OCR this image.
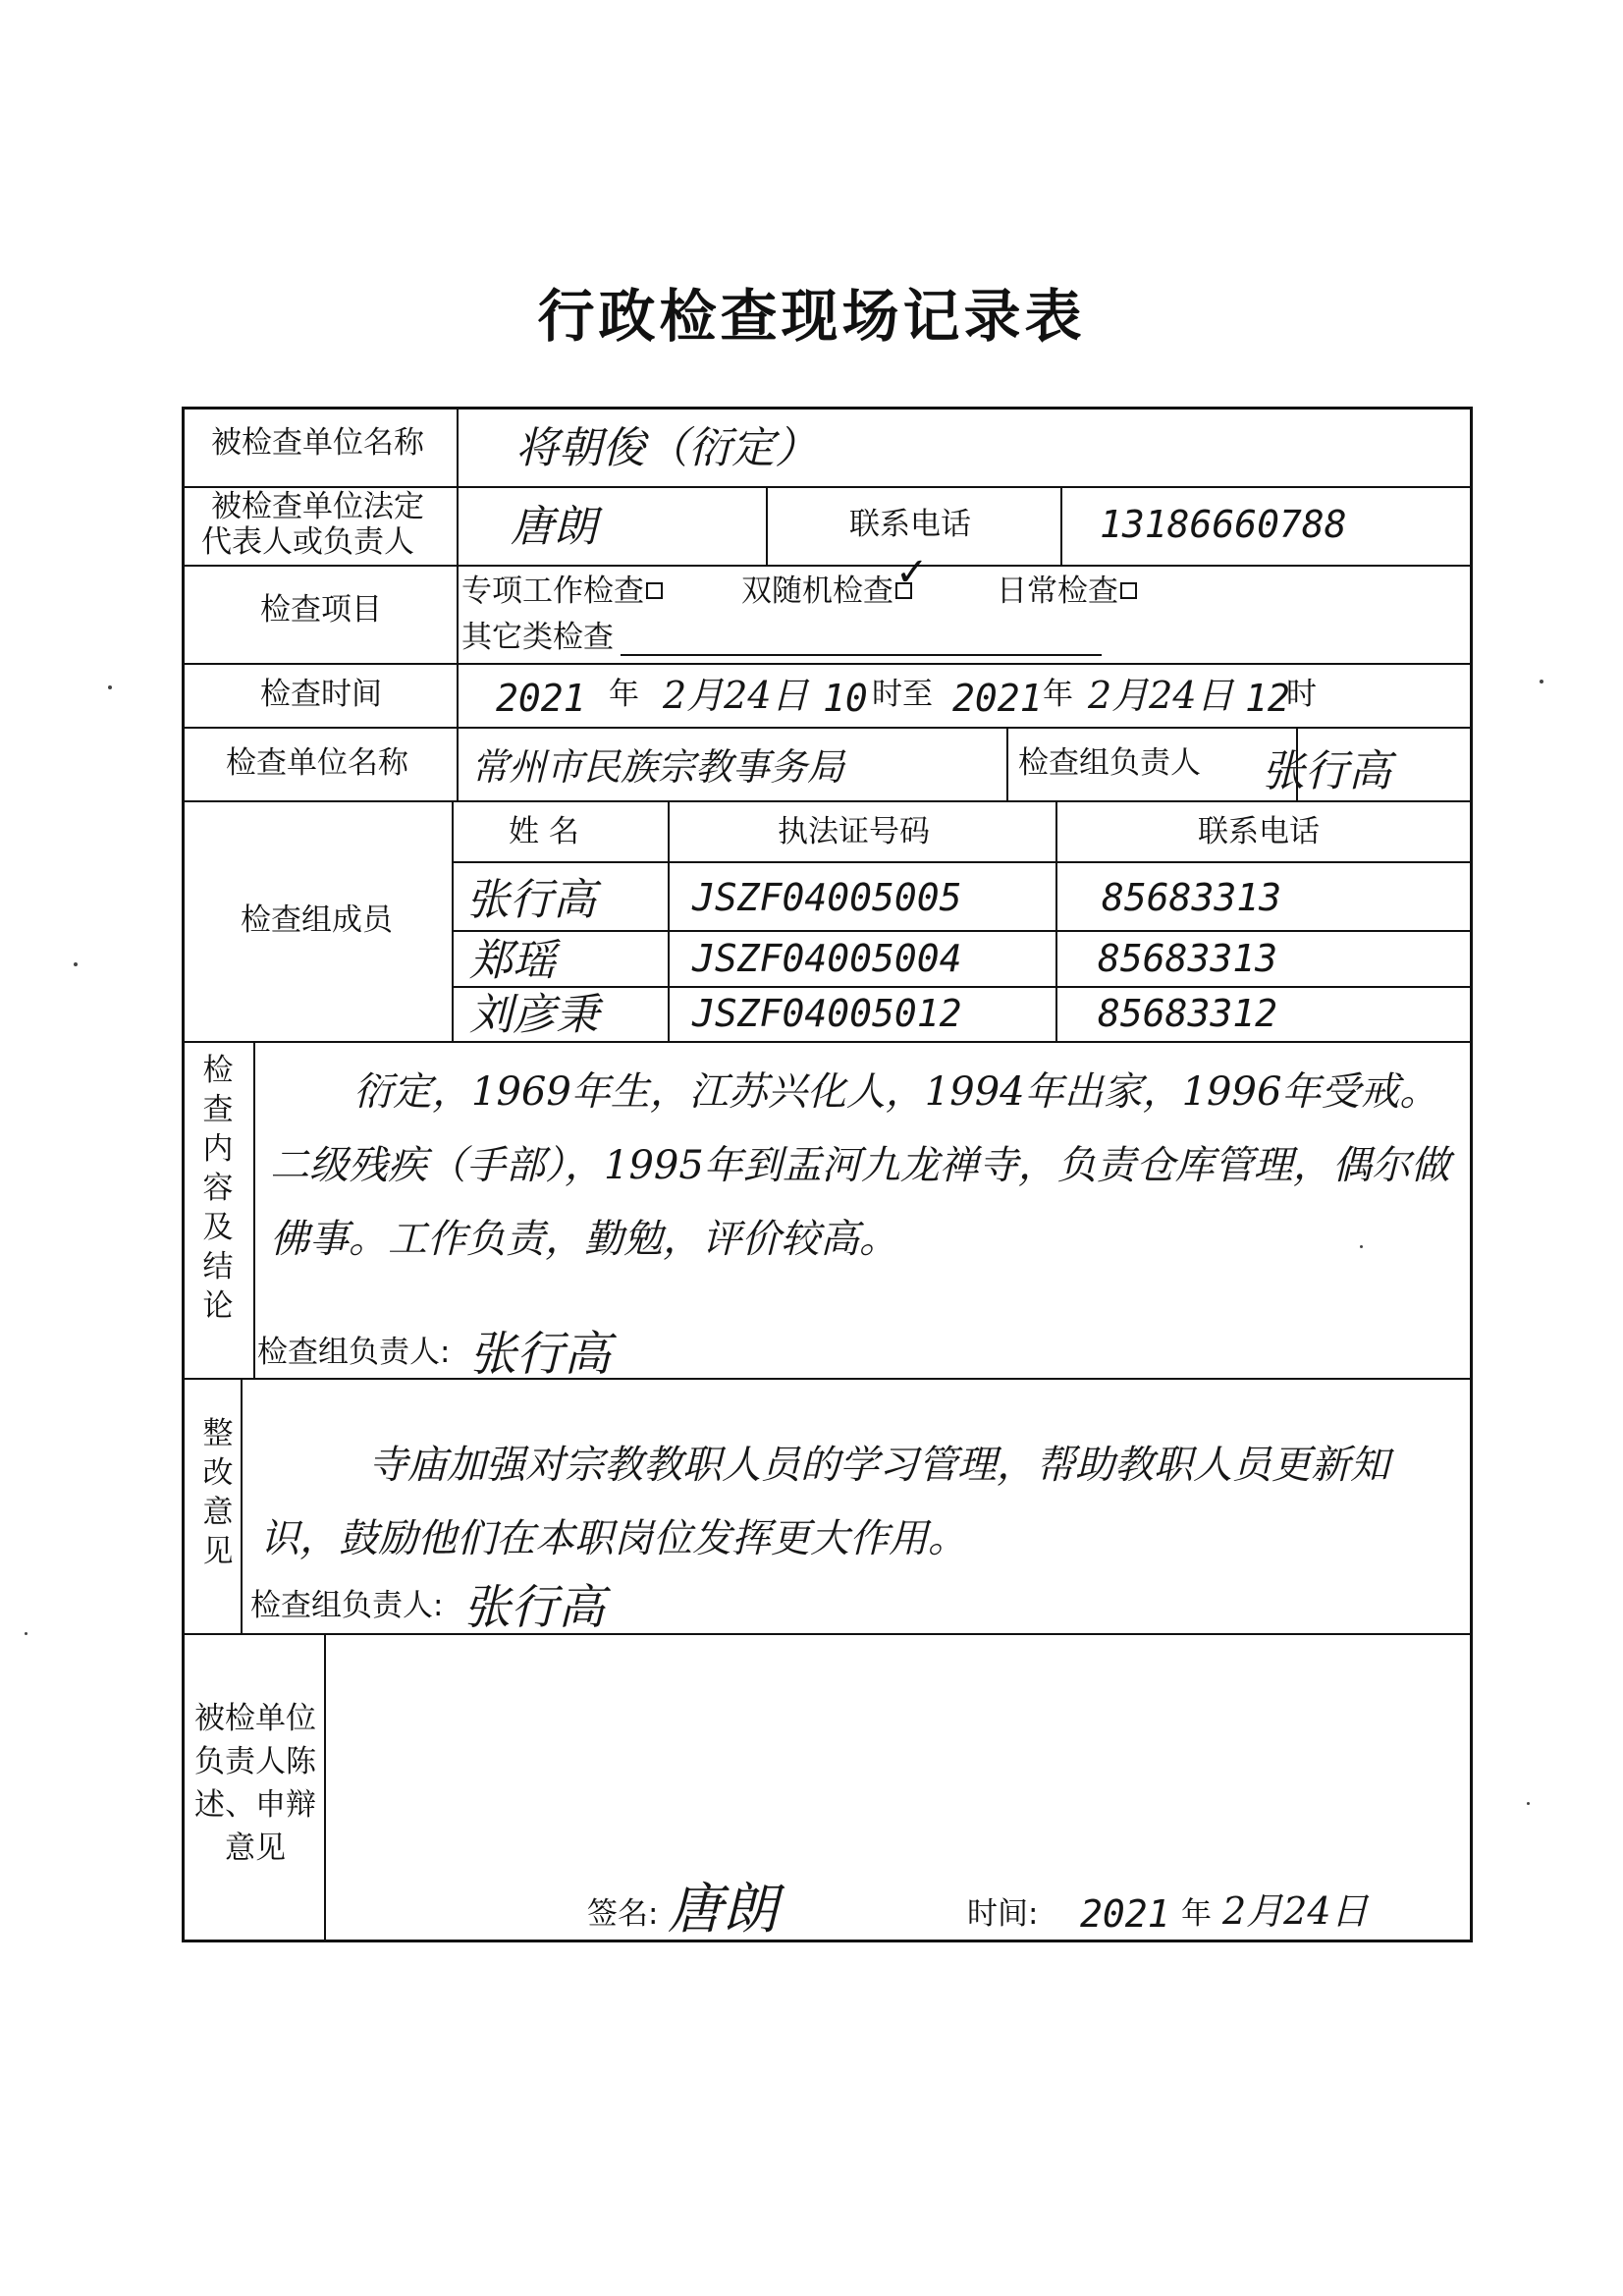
行政检查现场记录表
被检查单位名称 将朝俊（衍定）
被检查单位法定
代表人或负责人 唐朗	联系电话	13186660788
检查项目
专项工作检查	双随机检查 ✓ 日常检查
其它类检查
检查时间	2021 年 2月24日 10 时至 2021 年 2月24日 12
时
检查单位名称 常州市民族宗教事务局	检查组负责人 张行高
检查组成员
姓 名	执法证号码	联系电话
张行高	JSZF04005005	85683313
郑瑶	JSZF04005004	85683313
刘彦秉	JSZF04005012	85683312
检
查
内
容
及
结
论
衍定，1969年生，江苏兴化人，1994年出家，1996年受戒。二级残疾（手部），1995年到盂河九龙禅寺，负责仓库管理，偶尔做佛事。工作负责，勤勉，评价较高。
检查组负责人: 张行高
整
改
意
见
寺庙加强对宗教教职人员的学习管理，帮助教职人员更新知识，鼓励他们在本职岗位发挥更大作用。
检查组负责人: 张行高
被检单位
负责人陈
述、申辩
意见
签名: 唐朗	时间: 2021 年 2月24日
